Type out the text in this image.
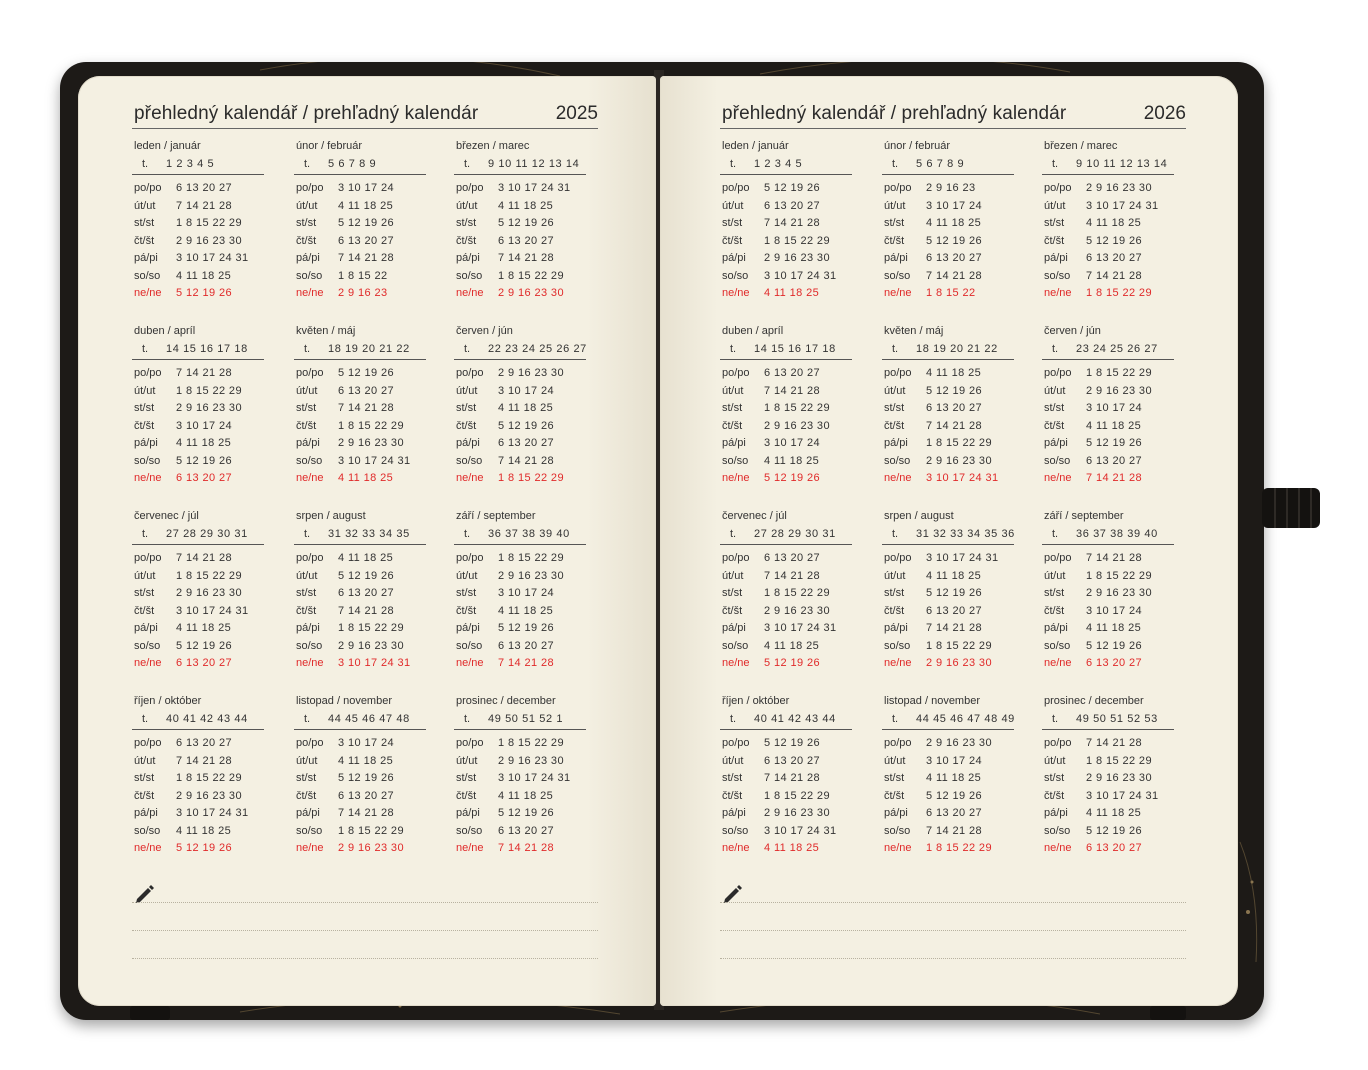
přehledný kalendář / prehľadný kalendár	2025
leden / január
t. 1 2 3 4 5
po/po 6 13 20 27
út/ut 7 14 21 28
st/st 1 8 15 22 29
čt/št 2 9 16 23 30
pá/pi 3 10 17 24 31
so/so 4 11 18 25
ne/ne 5 12 19 26
únor / február
t. 5 6 7 8 9
po/po 3 10 17 24
út/ut 4 11 18 25
st/st 5 12 19 26
čt/št 6 13 20 27
pá/pi 7 14 21 28
so/so 1 8 15 22
ne/ne 2 9 16 23
březen / marec
t. 9 10 11 12 13 14
po/po 3 10 17 24 31
út/ut 4 11 18 25
st/st 5 12 19 26
čt/št 6 13 20 27
pá/pi 7 14 21 28
so/so 1 8 15 22 29
ne/ne 2 9 16 23 30
duben / apríl
t. 14 15 16 17 18
po/po 7 14 21 28
út/ut 1 8 15 22 29
st/st 2 9 16 23 30
čt/št 3 10 17 24
pá/pi 4 11 18 25
so/so 5 12 19 26
ne/ne 6 13 20 27
květen / máj
t. 18 19 20 21 22
po/po 5 12 19 26
út/ut 6 13 20 27
st/st 7 14 21 28
čt/št 1 8 15 22 29
pá/pi 2 9 16 23 30
so/so 3 10 17 24 31
ne/ne 4 11 18 25
červen / jún
t. 22 23 24 25 26 27
po/po 2 9 16 23 30
út/ut 3 10 17 24
st/st 4 11 18 25
čt/št 5 12 19 26
pá/pi 6 13 20 27
so/so 7 14 21 28
ne/ne 1 8 15 22 29
červenec / júl
t. 27 28 29 30 31
po/po 7 14 21 28
út/ut 1 8 15 22 29
st/st 2 9 16 23 30
čt/št 3 10 17 24 31
pá/pi 4 11 18 25
so/so 5 12 19 26
ne/ne 6 13 20 27
srpen / august
t. 31 32 33 34 35
po/po 4 11 18 25
út/ut 5 12 19 26
st/st 6 13 20 27
čt/št 7 14 21 28
pá/pi 1 8 15 22 29
so/so 2 9 16 23 30
ne/ne 3 10 17 24 31
září / september
t. 36 37 38 39 40
po/po 1 8 15 22 29
út/ut 2 9 16 23 30
st/st 3 10 17 24
čt/št 4 11 18 25
pá/pi 5 12 19 26
so/so 6 13 20 27
ne/ne 7 14 21 28
říjen / október
t. 40 41 42 43 44
po/po 6 13 20 27
út/ut 7 14 21 28
st/st 1 8 15 22 29
čt/št 2 9 16 23 30
pá/pi 3 10 17 24 31
so/so 4 11 18 25
ne/ne 5 12 19 26
listopad / november
t. 44 45 46 47 48
po/po 3 10 17 24
út/ut 4 11 18 25
st/st 5 12 19 26
čt/št 6 13 20 27
pá/pi 7 14 21 28
so/so 1 8 15 22 29
ne/ne 2 9 16 23 30
prosinec / december
t. 49 50 51 52 1
po/po 1 8 15 22 29
út/ut 2 9 16 23 30
st/st 3 10 17 24 31
čt/št 4 11 18 25
pá/pi 5 12 19 26
so/so 6 13 20 27
ne/ne 7 14 21 28
přehledný kalendář / prehľadný kalendár	2026
leden / január
t. 1 2 3 4 5
po/po 5 12 19 26
út/ut 6 13 20 27
st/st 7 14 21 28
čt/št 1 8 15 22 29
pá/pi 2 9 16 23 30
so/so 3 10 17 24 31
ne/ne 4 11 18 25
únor / február
t. 5 6 7 8 9
po/po 2 9 16 23
út/ut 3 10 17 24
st/st 4 11 18 25
čt/št 5 12 19 26
pá/pi 6 13 20 27
so/so 7 14 21 28
ne/ne 1 8 15 22
březen / marec
t. 9 10 11 12 13 14
po/po 2 9 16 23 30
út/ut 3 10 17 24 31
st/st 4 11 18 25
čt/št 5 12 19 26
pá/pi 6 13 20 27
so/so 7 14 21 28
ne/ne 1 8 15 22 29
duben / apríl
t. 14 15 16 17 18
po/po 6 13 20 27
út/ut 7 14 21 28
st/st 1 8 15 22 29
čt/št 2 9 16 23 30
pá/pi 3 10 17 24
so/so 4 11 18 25
ne/ne 5 12 19 26
květen / máj
t. 18 19 20 21 22
po/po 4 11 18 25
út/ut 5 12 19 26
st/st 6 13 20 27
čt/št 7 14 21 28
pá/pi 1 8 15 22 29
so/so 2 9 16 23 30
ne/ne 3 10 17 24 31
červen / jún
t. 23 24 25 26 27
po/po 1 8 15 22 29
út/ut 2 9 16 23 30
st/st 3 10 17 24
čt/št 4 11 18 25
pá/pi 5 12 19 26
so/so 6 13 20 27
ne/ne 7 14 21 28
červenec / júl
t. 27 28 29 30 31
po/po 6 13 20 27
út/ut 7 14 21 28
st/st 1 8 15 22 29
čt/št 2 9 16 23 30
pá/pi 3 10 17 24 31
so/so 4 11 18 25
ne/ne 5 12 19 26
srpen / august
t. 31 32 33 34 35 36
po/po 3 10 17 24 31
út/ut 4 11 18 25
st/st 5 12 19 26
čt/št 6 13 20 27
pá/pi 7 14 21 28
so/so 1 8 15 22 29
ne/ne 2 9 16 23 30
září / september
t. 36 37 38 39 40
po/po 7 14 21 28
út/ut 1 8 15 22 29
st/st 2 9 16 23 30
čt/št 3 10 17 24
pá/pi 4 11 18 25
so/so 5 12 19 26
ne/ne 6 13 20 27
říjen / október
t. 40 41 42 43 44
po/po 5 12 19 26
út/ut 6 13 20 27
st/st 7 14 21 28
čt/št 1 8 15 22 29
pá/pi 2 9 16 23 30
so/so 3 10 17 24 31
ne/ne 4 11 18 25
listopad / november
t. 44 45 46 47 48 49
po/po 2 9 16 23 30
út/ut 3 10 17 24
st/st 4 11 18 25
čt/št 5 12 19 26
pá/pi 6 13 20 27
so/so 7 14 21 28
ne/ne 1 8 15 22 29
prosinec / december
t. 49 50 51 52 53
po/po 7 14 21 28
út/ut 1 8 15 22 29
st/st 2 9 16 23 30
čt/št 3 10 17 24 31
pá/pi 4 11 18 25
so/so 5 12 19 26
ne/ne 6 13 20 27
